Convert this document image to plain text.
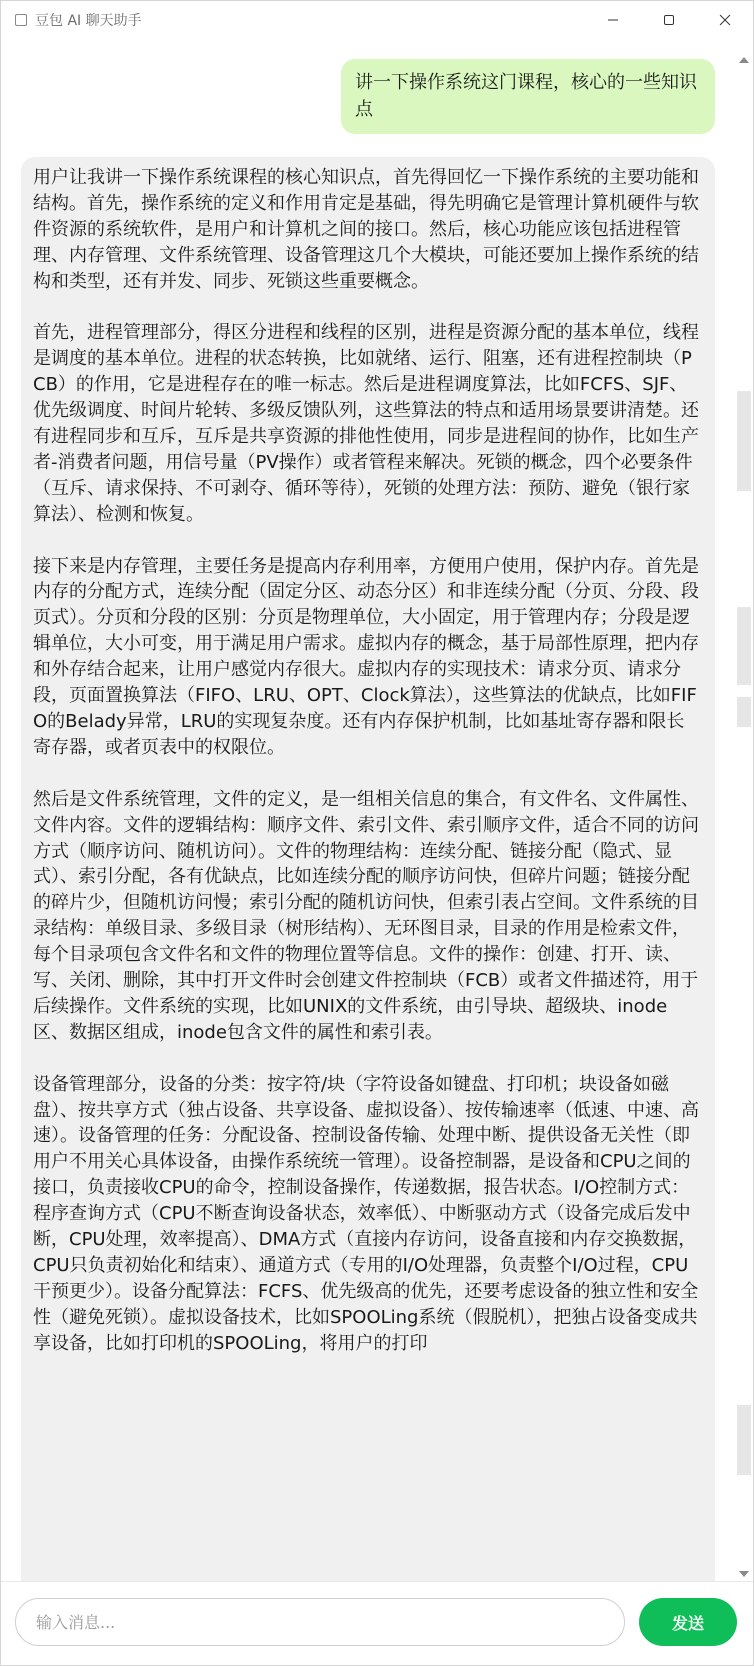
豆包 AI 聊天助手
讲一下操作系统这门课程，核心的一些知识点

用户让我讲一下操作系统课程的核心知识点，首先得回忆一下操作系统的主要功能和结构。首先，操作系统的定义和作用肯定是基础，得先明确它是管理计算机硬件与软件资源的系统软件，是用户和计算机之间的接口。然后，核心功能应该包括进程管理、内存管理、文件系统管理、设备管理这几个大模块，可能还要加上操作系统的结构和类型，还有并发、同步、死锁这些重要概念。

首先，进程管理部分，得区分进程和线程的区别，进程是资源分配的基本单位，线程是调度的基本单位。进程的状态转换，比如就绪、运行、阻塞，还有进程控制块（PCB）的作用，它是进程存在的唯一标志。然后是进程调度算法，比如FCFS、SJF、优先级调度、时间片轮转、多级反馈队列，这些算法的特点和适用场景要讲清楚。还有进程同步和互斥，互斥是共享资源的排他性使用，同步是进程间的协作，比如生产者-消费者问题，用信号量（PV操作）或者管程来解决。死锁的概念，四个必要条件（互斥、请求保持、不可剥夺、循环等待），死锁的处理方法：预防、避免（银行家算法）、检测和恢复。

接下来是内存管理，主要任务是提高内存利用率，方便用户使用，保护内存。首先是内存的分配方式，连续分配（固定分区、动态分区）和非连续分配（分页、分段、段页式）。分页和分段的区别：分页是物理单位，大小固定，用于管理内存；分段是逻辑单位，大小可变，用于满足用户需求。虚拟内存的概念，基于局部性原理，把内存和外存结合起来，让用户感觉内存很大。虚拟内存的实现技术：请求分页、请求分段，页面置换算法（FIFO、LRU、OPT、Clock算法），这些算法的优缺点，比如FIFO的Belady异常，LRU的实现复杂度。还有内存保护机制，比如基址寄存器和限长寄存器，或者页表中的权限位。

然后是文件系统管理，文件的定义，是一组相关信息的集合，有文件名、文件属性、文件内容。文件的逻辑结构：顺序文件、索引文件、索引顺序文件，适合不同的访问方式（顺序访问、随机访问）。文件的物理结构：连续分配、链接分配（隐式、显式）、索引分配，各有优缺点，比如连续分配的顺序访问快，但碎片问题；链接分配的碎片少，但随机访问慢；索引分配的随机访问快，但索引表占空间。文件系统的目录结构：单级目录、多级目录（树形结构）、无环图目录，目录的作用是检索文件，每个目录项包含文件名和文件的物理位置等信息。文件的操作：创建、打开、读、写、关闭、删除，其中打开文件时会创建文件控制块（FCB）或者文件描述符，用于后续操作。文件系统的实现，比如UNIX的文件系统，由引导块、超级块、inode区、数据区组成，inode包含文件的属性和索引表。

设备管理部分，设备的分类：按字符/块（字符设备如键盘、打印机；块设备如磁盘）、按共享方式（独占设备、共享设备、虚拟设备）、按传输速率（低速、中速、高速）。设备管理的任务：分配设备、控制设备传输、处理中断、提供设备无关性（即用户不用关心具体设备，由操作系统统一管理）。设备控制器，是设备和CPU之间的接口，负责接收CPU的命令，控制设备操作，传递数据，报告状态。I/O控制方式：程序查询方式（CPU不断查询设备状态，效率低）、中断驱动方式（设备完成后发中断，CPU处理，效率提高）、DMA方式（直接内存访问，设备直接和内存交换数据，CPU只负责初始化和结束）、通道方式（专用的I/O处理器，负责整个I/O过程，CPU干预更少）。设备分配算法：FCFS、优先级高的优先，还要考虑设备的独立性和安全性（避免死锁）。虚拟设备技术，比如SPOOLing系统（假脱机），把独占设备变成共享设备，比如打印机的SPOOLing，将用户的打印

输入消息...
发送
